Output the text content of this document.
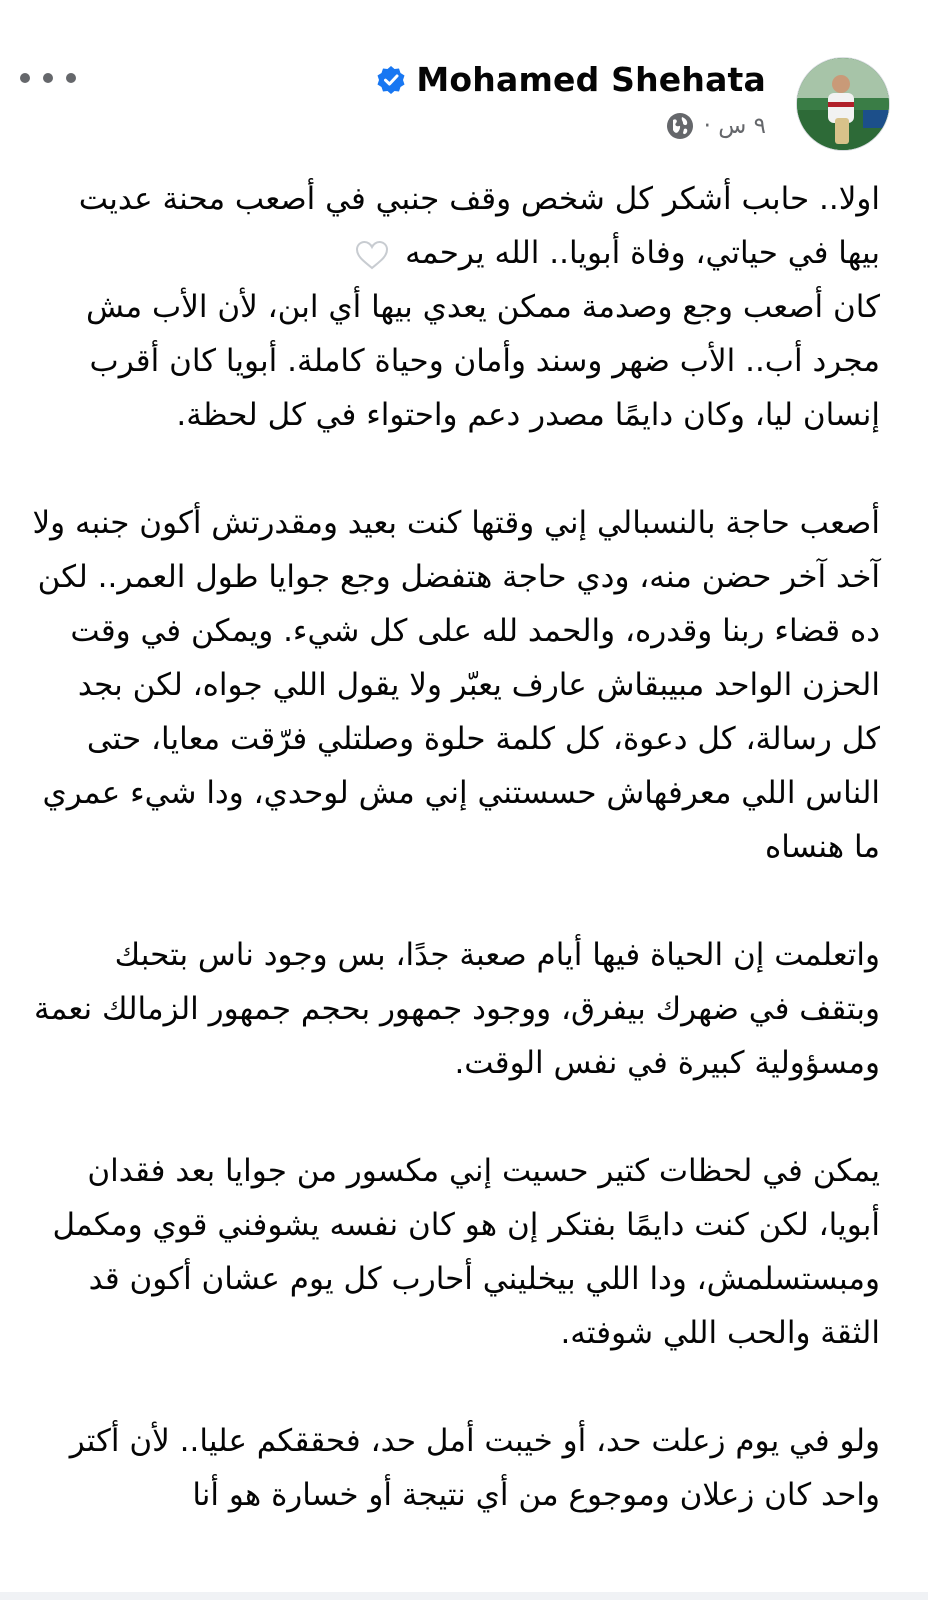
Mohamed Shehata
٩ س ·

اولا.. حابب أشكر كل شخص وقف جنبي في أصعب محنة عديت بيها في حياتي، وفاة أبويا.. الله يرحمه

كان أصعب وجع وصدمة ممكن يعدي بيها أي ابن، لأن الأب مش مجرد أب.. الأب ضهر وسند وأمان وحياة كاملة. أبويا كان أقرب إنسان ليا، وكان دايمًا مصدر دعم واحتواء في كل لحظة.

أصعب حاجة بالنسبالي إني وقتها كنت بعيد ومقدرتش أكون جنبه ولا آخد آخر حضن منه، ودي حاجة هتفضل وجع جوايا طول العمر.. لكن ده قضاء ربنا وقدره، والحمد لله على كل شيء. ويمكن في وقت الحزن الواحد مبيبقاش عارف يعبّر ولا يقول اللي جواه، لكن بجد كل رسالة، كل دعوة، كل كلمة حلوة وصلتلي فرّقت معايا، حتى الناس اللي معرفهاش حسستني إني مش لوحدي، ودا شيء عمري ما هنساه

واتعلمت إن الحياة فيها أيام صعبة جدًا، بس وجود ناس بتحبك وبتقف في ضهرك بيفرق، ووجود جمهور بحجم جمهور الزمالك نعمة ومسؤولية كبيرة في نفس الوقت.

يمكن في لحظات كتير حسيت إني مكسور من جوايا بعد فقدان أبويا، لكن كنت دايمًا بفتكر إن هو كان نفسه يشوفني قوي ومكمل ومبستسلمش، ودا اللي بيخليني أحارب كل يوم عشان أكون قد الثقة والحب اللي شوفته.

ولو في يوم زعلت حد، أو خيبت أمل حد، فحققكم عليا.. لأن أكتر واحد كان زعلان وموجوع من أي نتيجة أو خسارة هو أنا
